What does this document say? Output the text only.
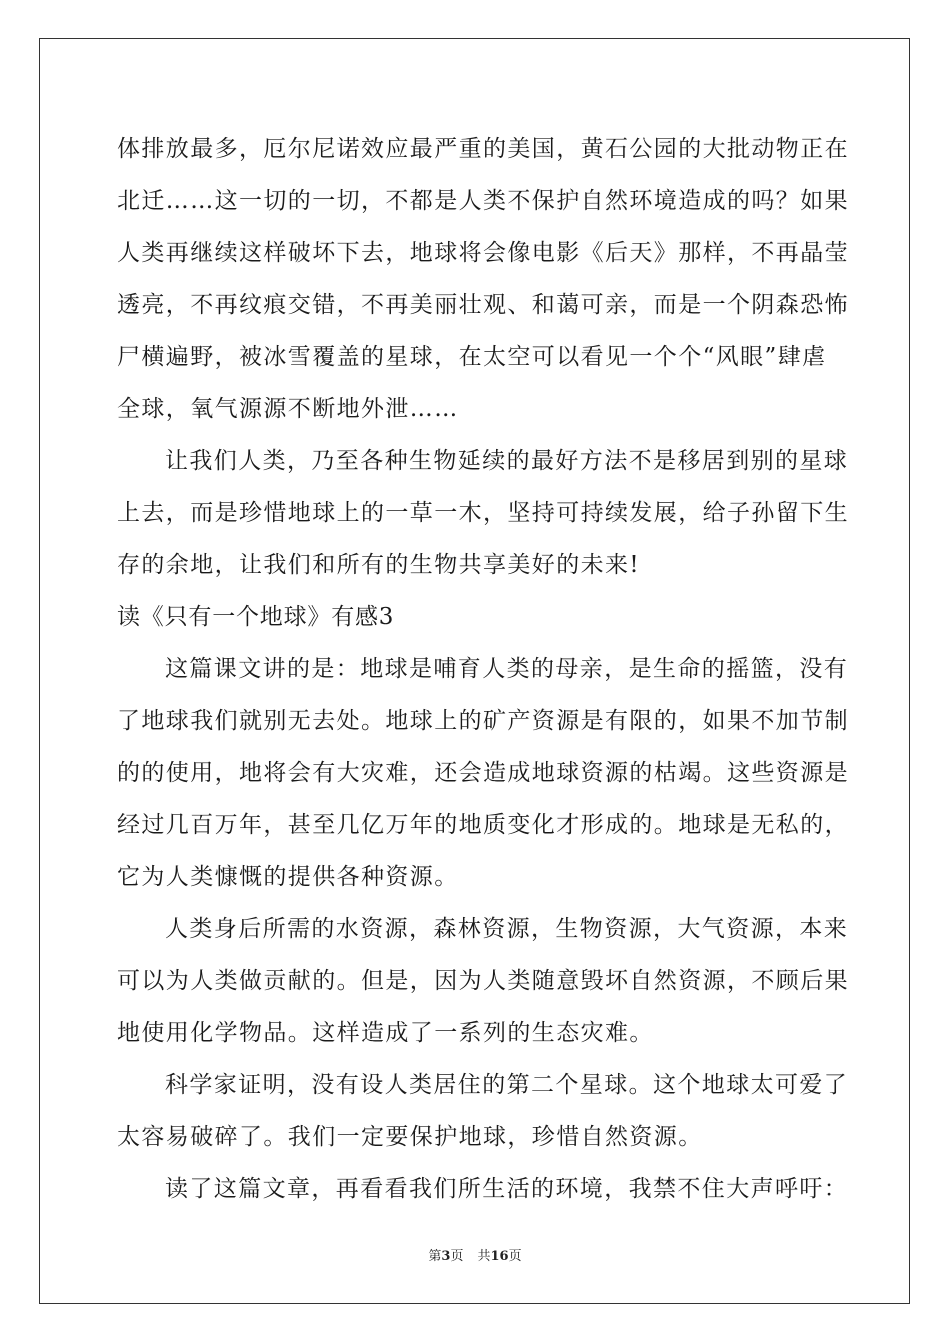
体排放最多，厄尔尼诺效应最严重的美国，黄石公园的大批动物正在
北迁……这一切的一切，不都是人类不保护自然环境造成的吗？如果
人类再继续这样破坏下去，地球将会像电影《后天》那样，不再晶莹
透亮，不再纹痕交错，不再美丽壮观、和蔼可亲，而是一个阴森恐怖
尸横遍野，被冰雪覆盖的星球，在太空可以看见一个个“风眼”肆虐
全球，氧气源源不断地外泄……
让我们人类，乃至各种生物延续的最好方法不是移居到别的星球
上去，而是珍惜地球上的一草一木，坚持可持续发展，给子孙留下生
存的余地，让我们和所有的生物共享美好的未来!
读《只有一个地球》有感3
这篇课文讲的是：地球是哺育人类的母亲，是生命的摇篮，没有
了地球我们就别无去处。地球上的矿产资源是有限的，如果不加节制
的的使用，地将会有大灾难，还会造成地球资源的枯竭。这些资源是
经过几百万年，甚至几亿万年的地质变化才形成的。地球是无私的，
它为人类慷慨的提供各种资源。
人类身后所需的水资源，森林资源，生物资源，大气资源，本来
可以为人类做贡献的。但是，因为人类随意毁坏自然资源，不顾后果
地使用化学物品。这样造成了一系列的生态灾难。
科学家证明，没有设人类居住的第二个星球。这个地球太可爱了
太容易破碎了。我们一定要保护地球，珍惜自然资源。
读了这篇文章，再看看我们所生活的环境，我禁不住大声呼吁：
第3页 共16页
